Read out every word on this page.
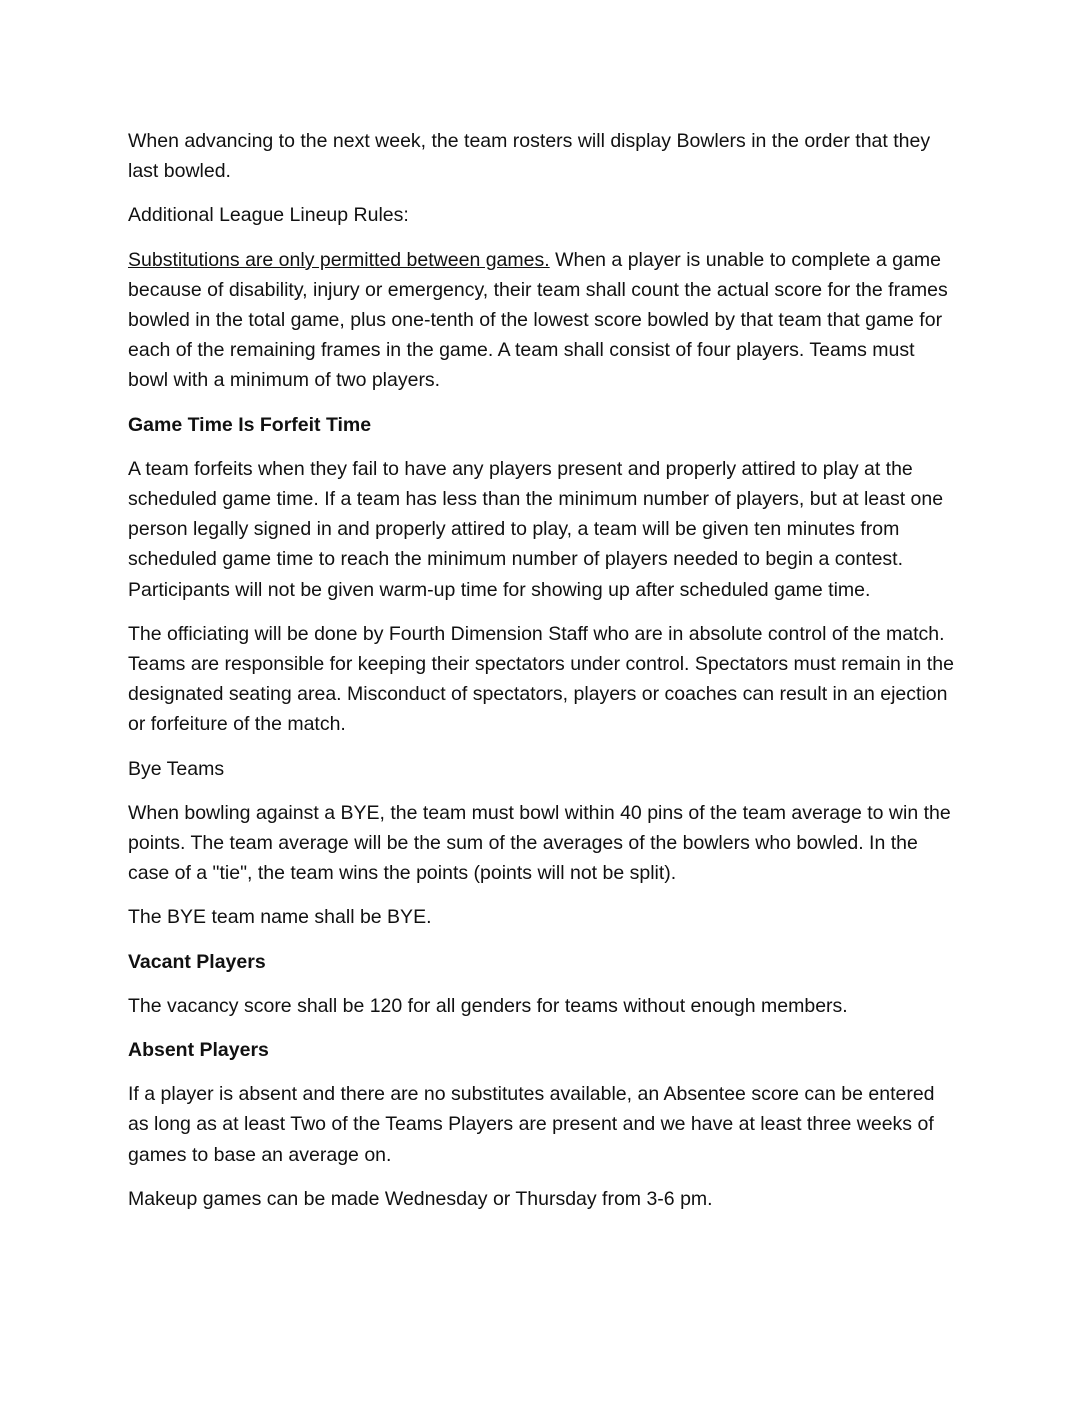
When advancing to the next week, the team rosters will display Bowlers in the order that they last bowled.

Additional League Lineup Rules:

Substitutions are only permitted between games. When a player is unable to complete a game because of disability, injury or emergency, their team shall count the actual score for the frames bowled in the total game, plus one-tenth of the lowest score bowled by that team that game for each of the remaining frames in the game. A team shall consist of four players. Teams must bowl with a minimum of two players.

Game Time Is Forfeit Time

A team forfeits when they fail to have any players present and properly attired to play at the scheduled game time. If a team has less than the minimum number of players, but at least one person legally signed in and properly attired to play, a team will be given ten minutes from scheduled game time to reach the minimum number of players needed to begin a contest. Participants will not be given warm-up time for showing up after scheduled game time.

The officiating will be done by Fourth Dimension Staff who are in absolute control of the match. Teams are responsible for keeping their spectators under control. Spectators must remain in the designated seating area. Misconduct of spectators, players or coaches can result in an ejection or forfeiture of the match.

Bye Teams

When bowling against a BYE, the team must bowl within 40 pins of the team average to win the points. The team average will be the sum of the averages of the bowlers who bowled. In the case of a "tie", the team wins the points (points will not be split).

The BYE team name shall be BYE.

Vacant Players

The vacancy score shall be 120 for all genders for teams without enough members.

Absent Players

If a player is absent and there are no substitutes available, an Absentee score can be entered as long as at least Two of the Teams Players are present and we have at least three weeks of games to base an average on.

Makeup games can be made Wednesday or Thursday from 3-6 pm.
